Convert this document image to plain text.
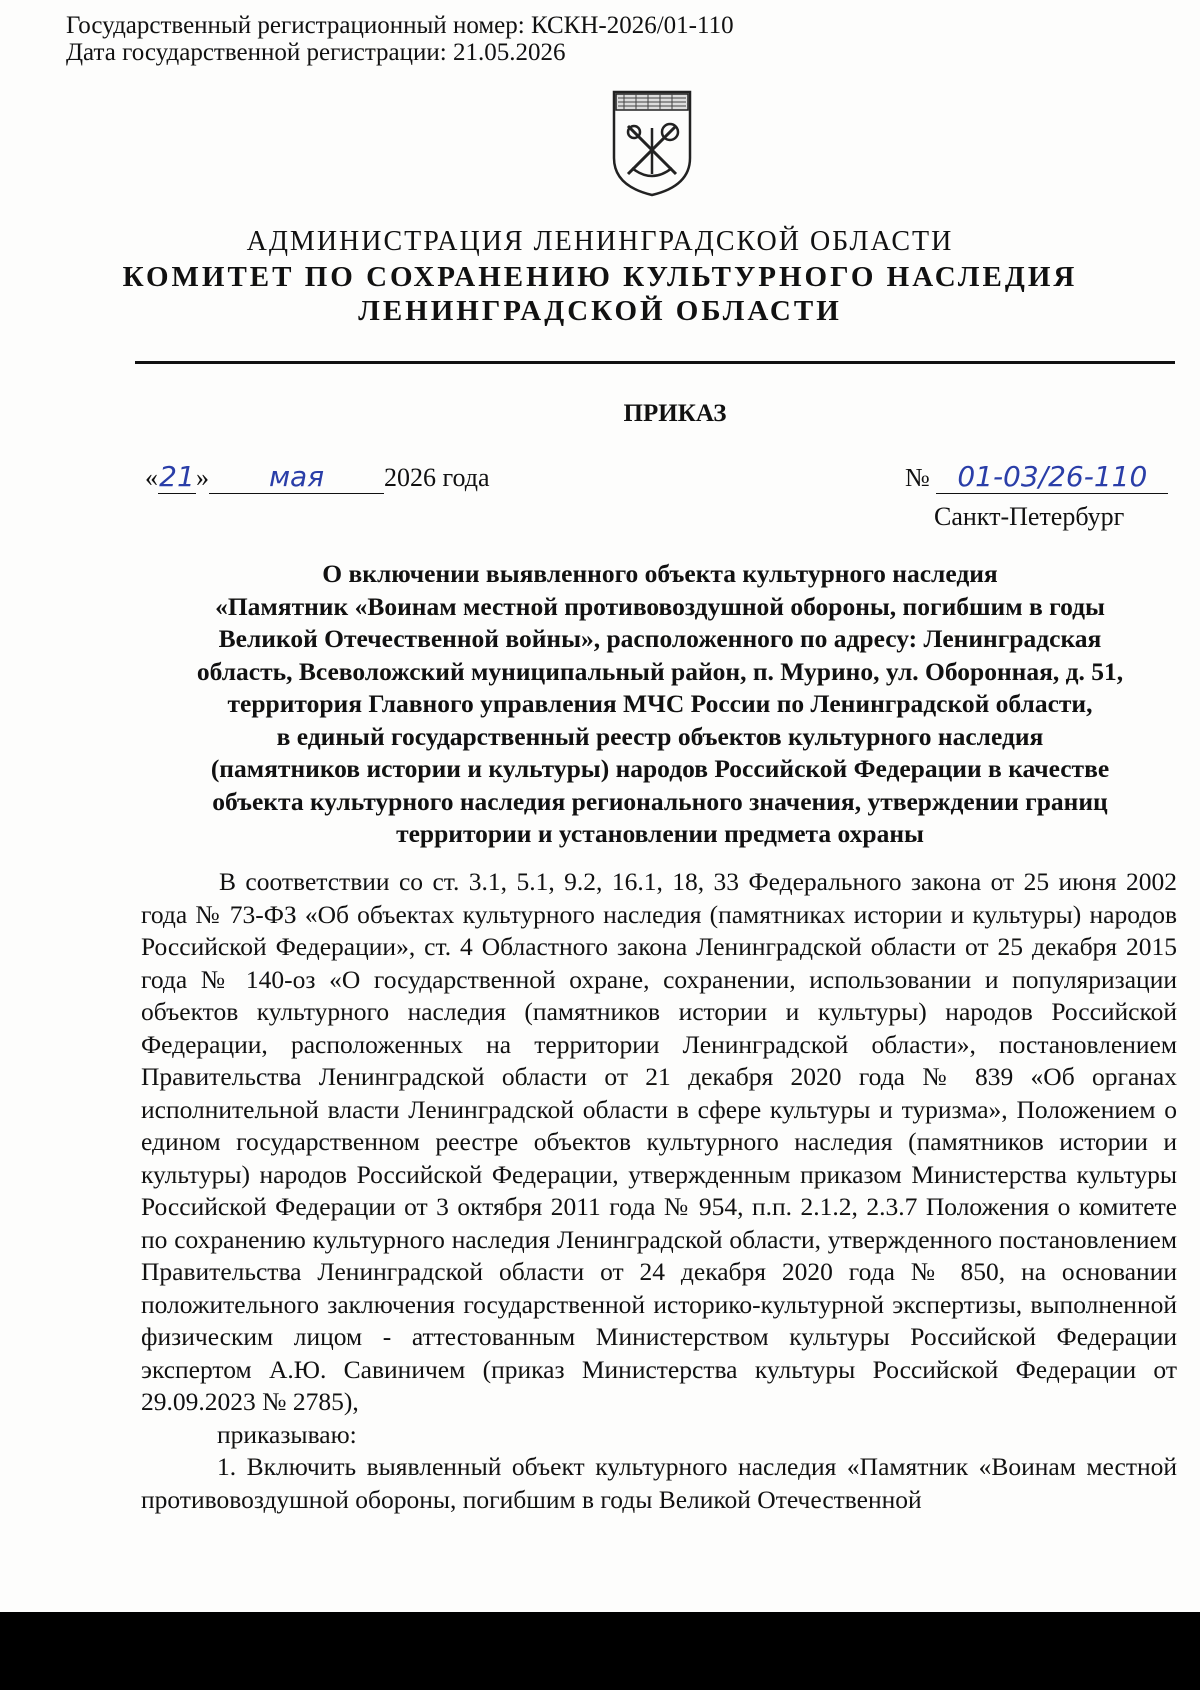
Государственный регистрационный номер: КСКН-2026/01-110
Дата государственной регистрации: 21.05.2026
АДМИНИСТРАЦИЯ ЛЕНИНГРАДСКОЙ ОБЛАСТИ
КОМИТЕТ ПО СОХРАНЕНИЮ КУЛЬТУРНОГО НАСЛЕДИЯ
ЛЕНИНГРАДСКОЙ ОБЛАСТИ
ПРИКАЗ
«21» мая 2026 года	№ 01-03/26-110
Санкт-Петербург
О включении выявленного объекта культурного наследия
«Памятник «Воинам местной противовоздушной обороны, погибшим в годы
Великой Отечественной войны», расположенного по адресу: Ленинградская
область, Всеволожский муниципальный район, п. Мурино, ул. Оборонная, д. 51,
территория Главного управления МЧС России по Ленинградской области,
в единый государственный реестр объектов культурного наследия
(памятников истории и культуры) народов Российской Федерации в качестве
объекта культурного наследия регионального значения, утверждении границ
территории и установлении предмета охраны

В соответствии со ст. 3.1, 5.1, 9.2, 16.1, 18, 33 Федерального закона от 25 июня 2002 года № 73-ФЗ «Об объектах культурного наследия (памятниках истории и культуры) народов Российской Федерации», ст. 4 Областного закона Ленинградской области от 25 декабря 2015 года № 140-оз «О государственной охране, сохранении, использовании и популяризации объектов культурного наследия (памятников истории и культуры) народов Российской Федерации, расположенных на территории Ленинградской области», постановлением Правительства Ленинградской области от 21 декабря 2020 года № 839 «Об органах исполнительной власти Ленинградской области в сфере культуры и туризма», Положением о едином государственном реестре объектов культурного наследия (памятников истории и культуры) народов Российской Федерации, утвержденным приказом Министерства культуры Российской Федерации от 3 октября 2011 года № 954, п.п. 2.1.2, 2.3.7 Положения о комитете по сохранению культурного наследия Ленинградской области, утвержденного постановлением Правительства Ленинградской области от 24 декабря 2020 года № 850, на основании положительного заключения государственной историко-культурной экспертизы, выполненной физическим лицом - аттестованным Министерством культуры Российской Федерации экспертом А.Ю. Савиничем (приказ Министерства культуры Российской Федерации от 29.09.2023 № 2785),

приказываю:

1. Включить выявленный объект культурного наследия «Памятник «Воинам местной противовоздушной обороны, погибшим в годы Великой Отечественной
